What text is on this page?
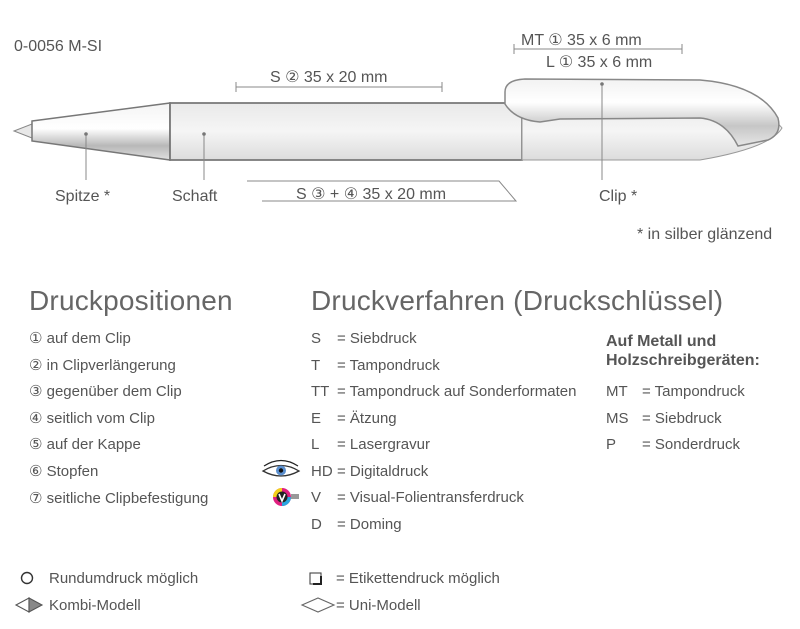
0-0056 M-SI	MT ① 35 x 6 mm
L ① 35 x 6 mm
S ② 35 x 20 mm
S ③ + ④ 35 x 20 mm
Spitze *	Schaft	Clip *
* in silber glänzend
Druckpositionen
① auf dem Clip
② in Clipverlängerung
③ gegenüber dem Clip
④ seitlich vom Clip
⑤ auf der Kappe
⑥ Stopfen
⑦ seitliche Clipbefestigung
Druckverfahren (Druckschlüssel)
S = Siebdruck
T = Tampondruck
TT = Tampondruck auf Sonderformaten
E = Ätzung
L = Lasergravur
HD = Digitaldruck
V = Visual-Folientransferdruck
D = Doming
Auf Metall und Holzschreibgeräten:
MT = Tampondruck
MS = Siebdruck
P = Sonderdruck
Rundumdruck möglich
Kombi-Modell
= Etikettendruck möglich
= Uni-Modell
